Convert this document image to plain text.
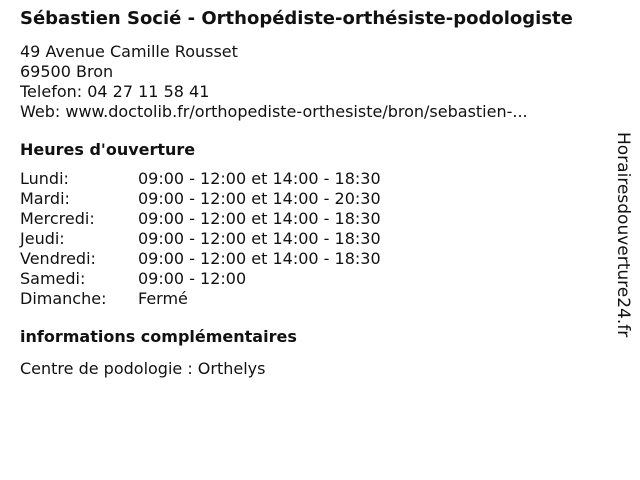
Sébastien Socié - Orthopédiste-orthésiste-podologiste
49 Avenue Camille Rousset
69500 Bron
Telefon: 04 27 11 58 41
Web: www.doctolib.fr/orthopediste-orthesiste/bron/sebastien-...
Heures d'ouverture
Lundi:	09:00 - 12:00 et 14:00 - 18:30
Mardi:	09:00 - 12:00 et 14:00 - 20:30
Mercredi:	09:00 - 12:00 et 14:00 - 18:30
Jeudi:	09:00 - 12:00 et 14:00 - 18:30
Vendredi:	09:00 - 12:00 et 14:00 - 18:30
Samedi:	09:00 - 12:00
Dimanche:	Fermé
informations complémentaires
Centre de podologie : Orthelys
Horairesdouverture24.fr
